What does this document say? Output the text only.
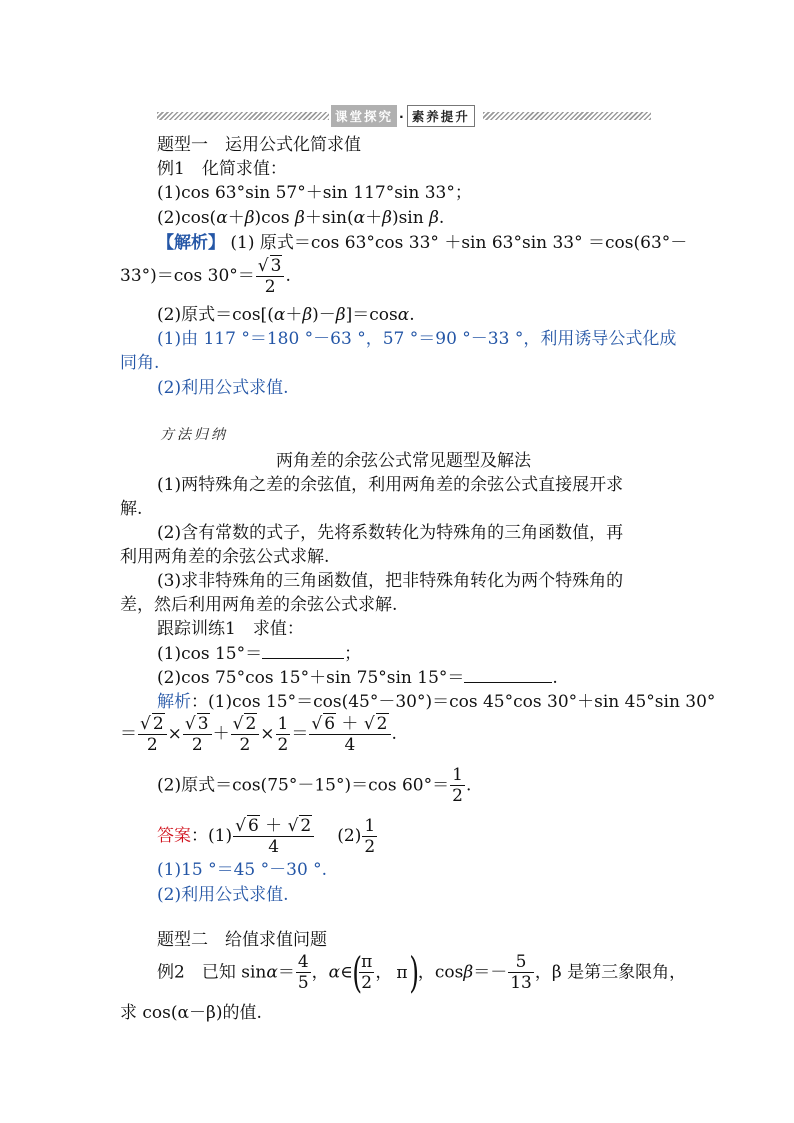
课堂探究 · 素养提升
题型一　运用公式化简求值
例1　化简求值：
(1)cos 63°sin 57°＋sin 117°sin 33°；
(2)cos(α＋β)cos β＋sin(α＋β)sin β.
【解析】 (1) 原式＝cos 63°cos 33° ＋sin 63°sin 33° ＝cos(63°－
33°)＝cos $30^\circ= \frac{√ 3}{2}$ .
(2)原式＝cos[(α＋β)－β]＝cosα.
(1)由 117 °＝180 °－63 °，57 °＝90 °－33 °，利用诱导公式化成
同角.
(2)利用公式求值.
方法归纳
两角差的余弦公式常见题型及解法
(1)两特殊角之差的余弦值，利用两角差的余弦公式直接展开求
解.
(2)含有常数的式子，先将系数转化为特殊角的三角函数值，再
利用两角差的余弦公式求解.
(3)求非特殊角的三角函数值，把非特殊角转化为两个特殊角的
差，然后利用两角差的余弦公式求解.
跟踪训练1　求值：
(1)cos 15°＝	；
(2)cos 75°cos 15°＋sin 75°sin 15°＝	.
解析：(1)cos 15°＝cos(45°－30°)＝cos 45°cos 30°＋sin 45°sin 30°
＝ $\frac{√ 2}{2} \times \frac{√ 3}{2} + \frac{√ 2}{2} \times \frac{1}{2} = \frac{√ 6 + √ 2}{4}$ .
(2)原式＝cos(75°－15°)＝cos $60^\circ= \frac{1}{2}$ .
答案：$(1) \frac{√ 6 + √ 2}{4} (2) \frac{1}{2}$
(1)15 °＝45 °－30 °.
(2)利用公式求值.
题型二　给值求值问题
例2　已知 $\sin\alpha= \frac{4}{5}$ ，α∈(
$\frac{\pi}{2}$ ， π)，$\cos\beta=- \frac{5}{13}$ ，β 是第三象限角，
求 cos(α－β)的值.
